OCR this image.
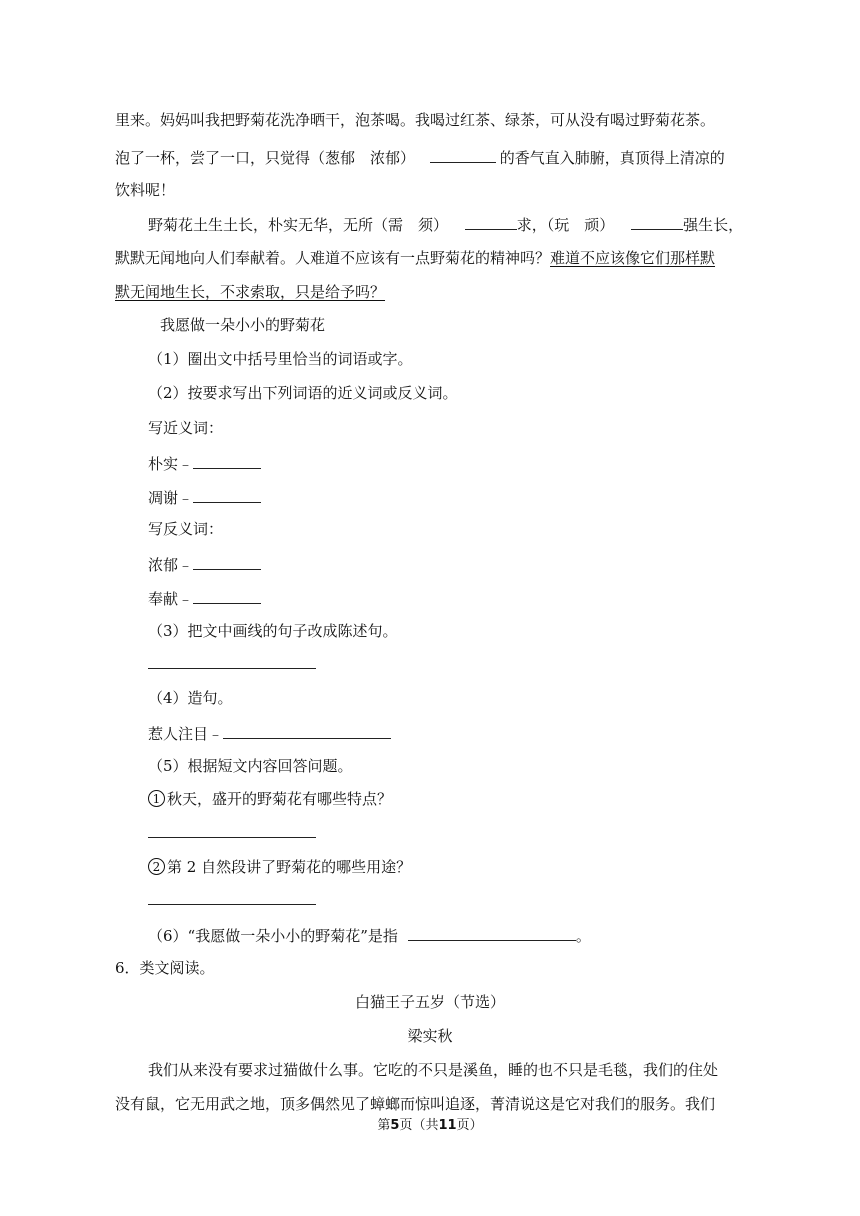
里来。妈妈叫我把野菊花洗净晒干，泡茶喝。我喝过红茶、绿茶，可从没有喝过野菊花茶。
泡了一杯，尝了一口，只觉得（葱郁　浓郁）	的香气直入肺腑，真顶得上清凉的
饮料呢！
野菊花土生土长，朴实无华，无所（需　须）	求，（玩　顽）	强生长，
默默无闻地向人们奉献着。人难道不应该有一点野菊花的精神吗？难道不应该像它们那样默
默无闻地生长，不求索取，只是给予吗？
我愿做一朵小小的野菊花
（1）圈出文中括号里恰当的词语或字。
（2）按要求写出下列词语的近义词或反义词。
写近义词：
朴实﹣
凋谢﹣
写反义词：
浓郁﹣
奉献﹣
（3）把文中画线的句子改成陈述句。
（4）造句。
惹人注目﹣
（5）根据短文内容回答问题。
1 秋天，盛开的野菊花有哪些特点？
2 第 2 自然段讲了野菊花的哪些用途？
（6）“我愿做一朵小小的野菊花”是指	。
6．类文阅读。
白猫王子五岁（节选）
梁实秋
我们从来没有要求过猫做什么事。它吃的不只是溪鱼，睡的也不只是毛毯，我们的住处
没有鼠，它无用武之地，顶多偶然见了蟑螂而惊叫追逐，菁清说这是它对我们的服务。我们
第5页（共11页）
